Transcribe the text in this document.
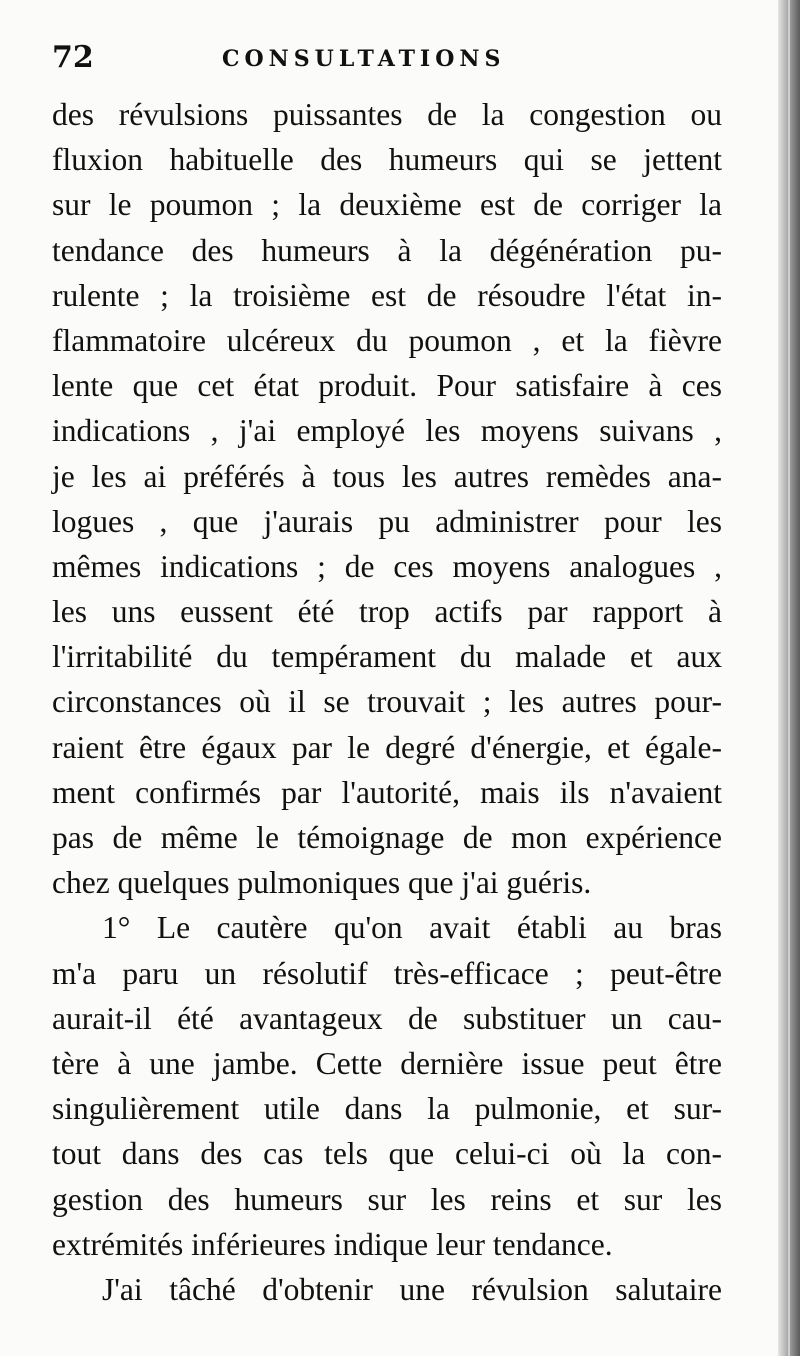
72	CONSULTATIONS
des révulsions puissantes de la congestion ou
fluxion habituelle des humeurs qui se jettent
sur le poumon ; la deuxième est de corriger la
tendance des humeurs à la dégénération pu-
rulente ; la troisième est de résoudre l'état in-
flammatoire ulcéreux du poumon , et la fièvre
lente que cet état produit. Pour satisfaire à ces
indications , j'ai employé les moyens suivans ,
je les ai préférés à tous les autres remèdes ana-
logues , que j'aurais pu administrer pour les
mêmes indications ; de ces moyens analogues ,
les uns eussent été trop actifs par rapport à
l'irritabilité du tempérament du malade et aux
circonstances où il se trouvait ; les autres pour-
raient être égaux par le degré d'énergie, et égale-
ment confirmés par l'autorité, mais ils n'avaient
pas de même le témoignage de mon expérience
chez quelques pulmoniques que j'ai guéris.
1° Le cautère qu'on avait établi au bras
m'a paru un résolutif très-efficace ; peut-être
aurait-il été avantageux de substituer un cau-
tère à une jambe. Cette dernière issue peut être
singulièrement utile dans la pulmonie, et sur-
tout dans des cas tels que celui-ci où la con-
gestion des humeurs sur les reins et sur les
extrémités inférieures indique leur tendance.
J'ai tâché d'obtenir une révulsion salutaire
